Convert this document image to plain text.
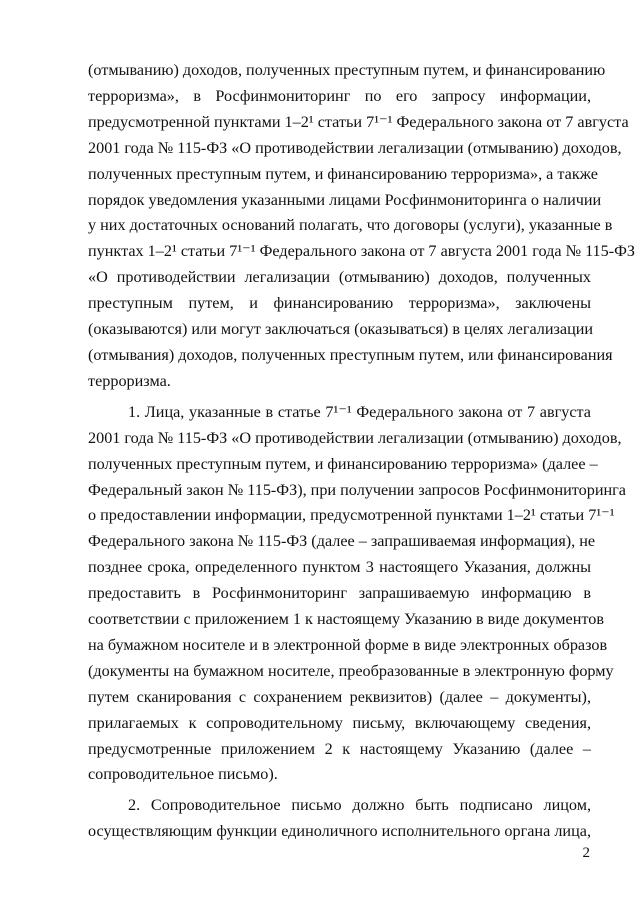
(отмыванию) доходов, полученных преступным путем, и финансированию
терроризма», в Росфинмониторинг по его запросу информации,
предусмотренной пунктами 1–2¹ статьи 7¹⁻¹ Федерального закона от 7 августа
2001 года № 115-ФЗ «О противодействии легализации (отмыванию) доходов,
полученных преступным путем, и финансированию терроризма», а также
порядок уведомления указанными лицами Росфинмониторинга о наличии
у них достаточных оснований полагать, что договоры (услуги), указанные в
пунктах 1–2¹ статьи 7¹⁻¹ Федерального закона от 7 августа 2001 года № 115-ФЗ
«О противодействии легализации (отмыванию) доходов, полученных
преступным путем, и финансированию терроризма», заключены
(оказываются) или могут заключаться (оказываться) в целях легализации
(отмывания) доходов, полученных преступным путем, или финансирования
терроризма.

1. Лица, указанные в статье 7¹⁻¹ Федерального закона от 7 августа
2001 года № 115-ФЗ «О противодействии легализации (отмыванию) доходов,
полученных преступным путем, и финансированию терроризма» (далее –
Федеральный закон № 115-ФЗ), при получении запросов Росфинмониторинга
о предоставлении информации, предусмотренной пунктами 1–2¹ статьи 7¹⁻¹
Федерального закона № 115-ФЗ (далее – запрашиваемая информация), не
позднее срока, определенного пунктом 3 настоящего Указания, должны
предоставить в Росфинмониторинг запрашиваемую информацию в
соответствии с приложением 1 к настоящему Указанию в виде документов
на бумажном носителе и в электронной форме в виде электронных образов
(документы на бумажном носителе, преобразованные в электронную форму
путем сканирования с сохранением реквизитов) (далее – документы),
прилагаемых к сопроводительному письму, включающему сведения,
предусмотренные приложением 2 к настоящему Указанию (далее –
сопроводительное письмо).

2. Сопроводительное письмо должно быть подписано лицом,
осуществляющим функции единоличного исполнительного органа лица,

2
